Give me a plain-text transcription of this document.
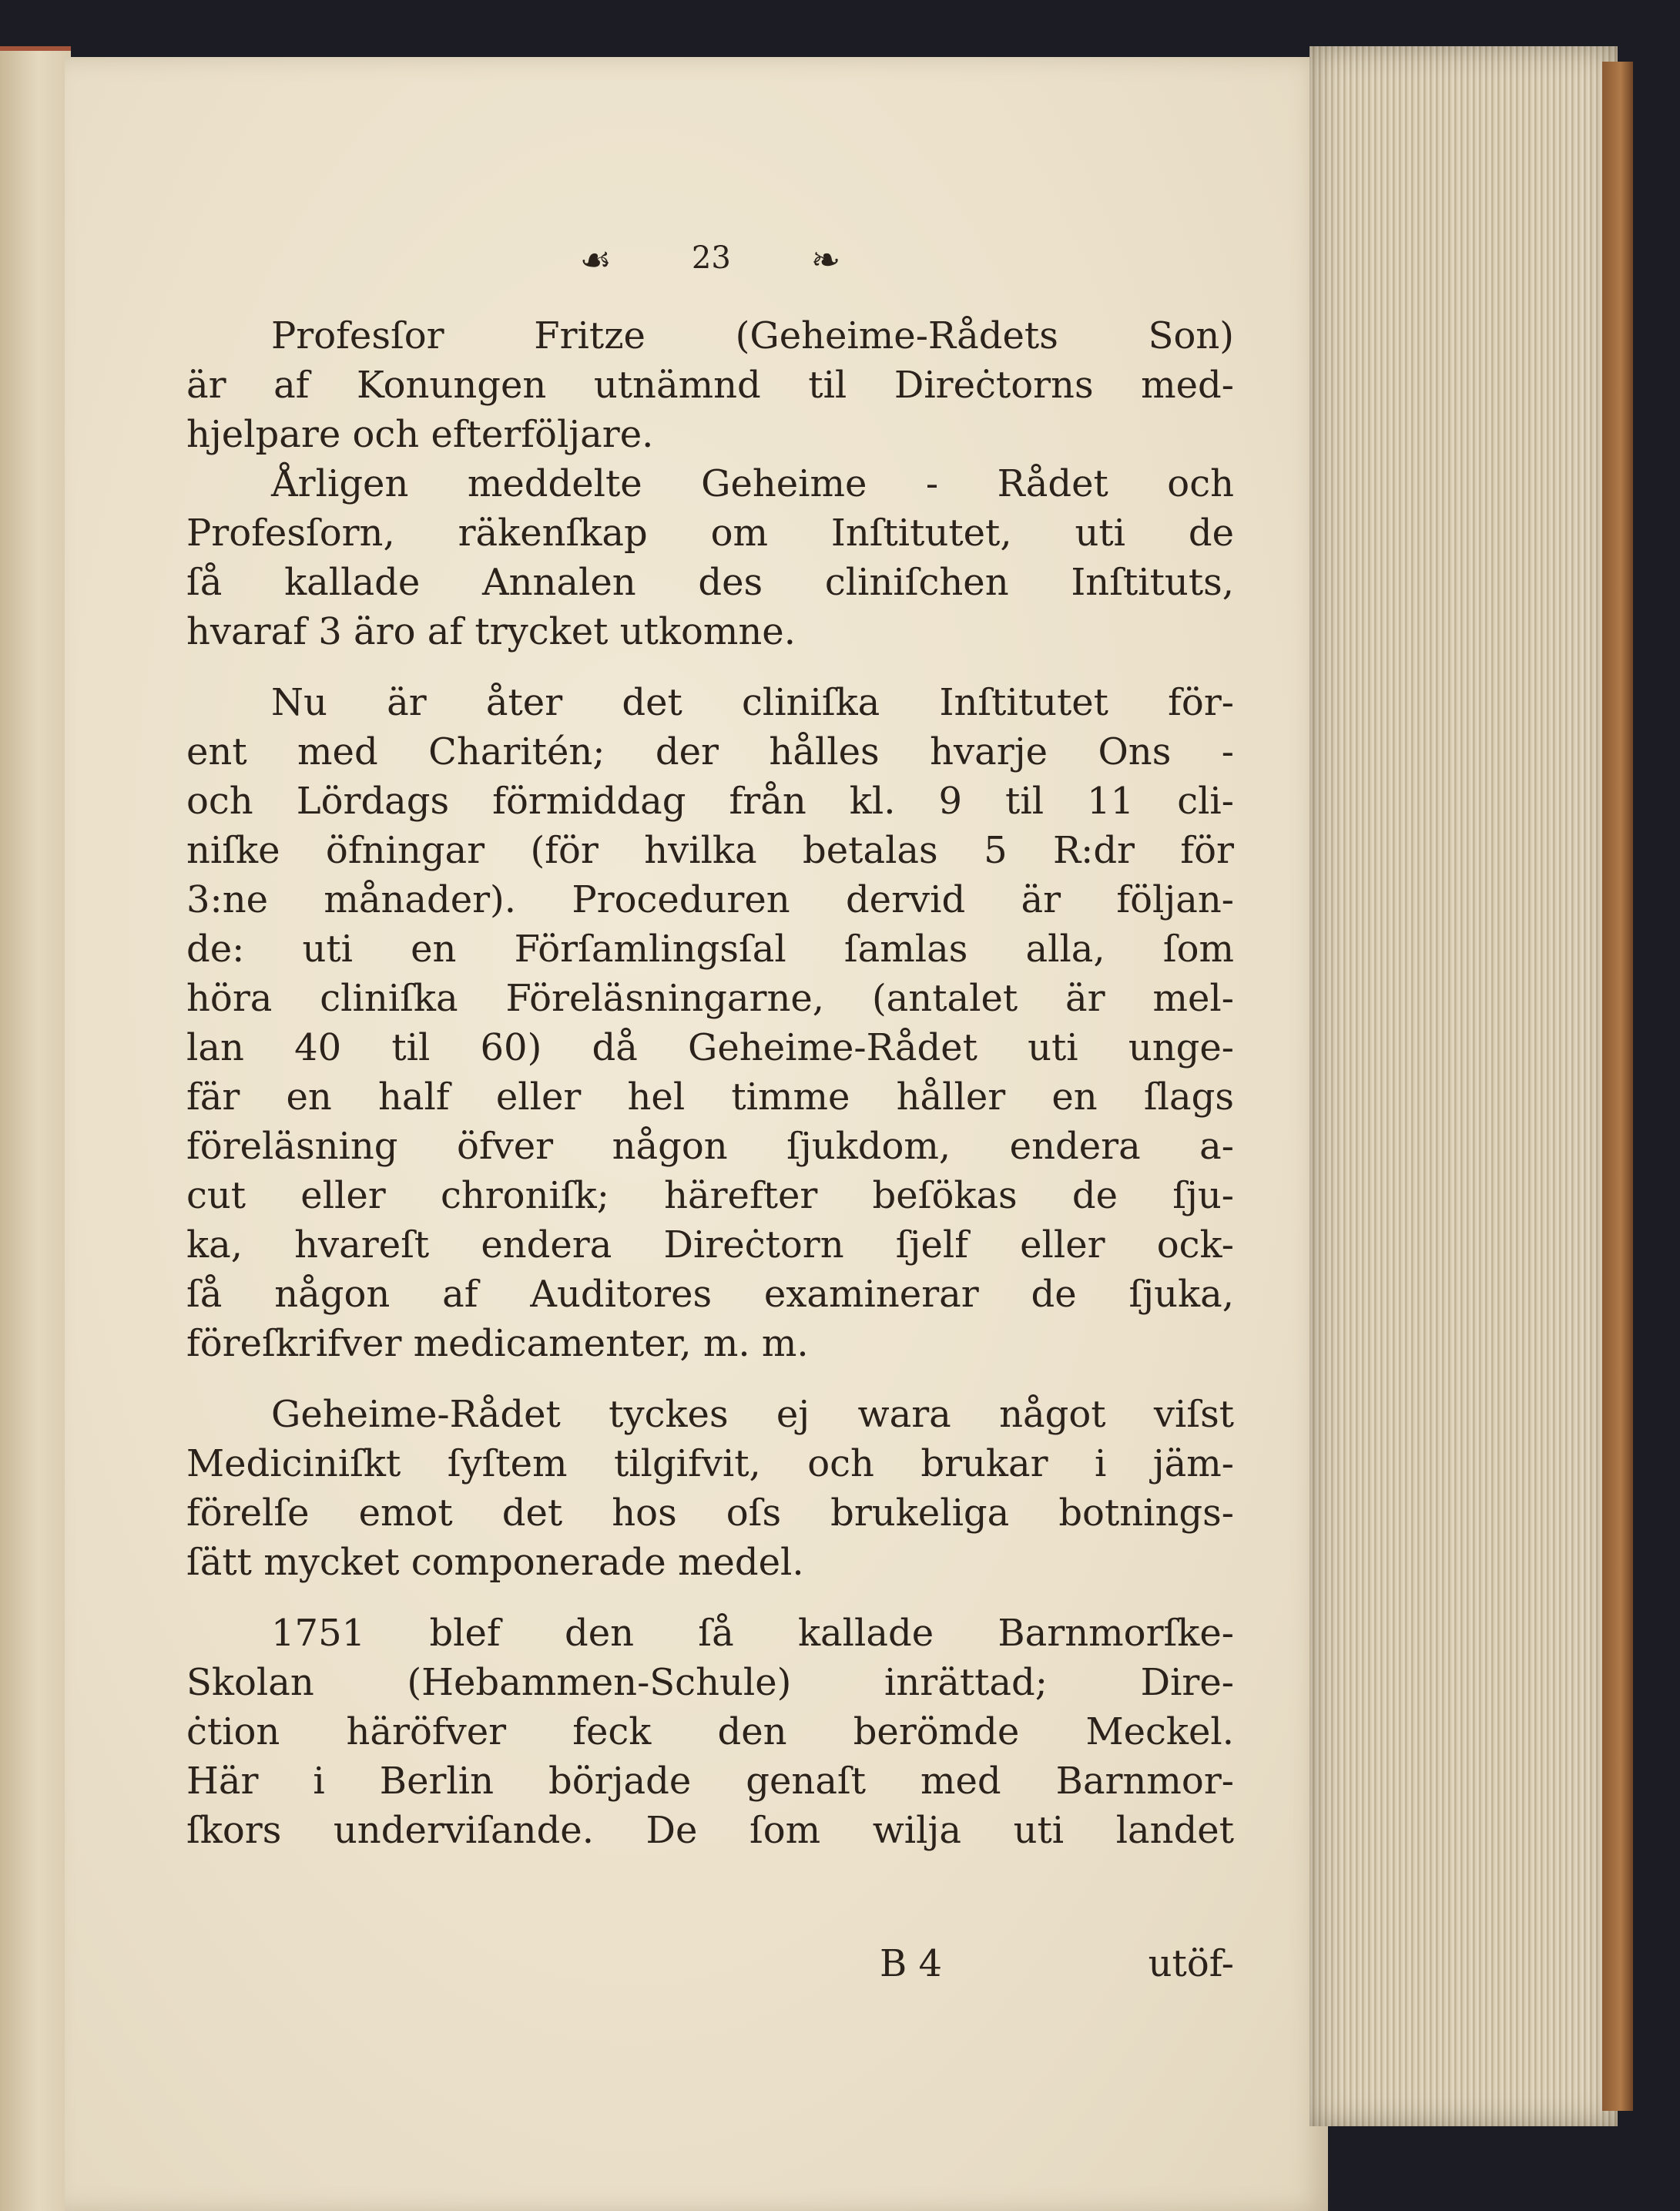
☙	23 ❧
Profesſor Fritze (Geheime-Rådets Son)
är af Konungen utnämnd til Direċtorns med-
hjelpare och efterföljare.
Årligen meddelte Geheime - Rådet och
Profesſorn, räkenſkap om Inſtitutet, uti de
ſå kallade Annalen des cliniſchen Inſtituts,
hvaraf 3 äro af trycket utkomne.
Nu är åter det cliniſka Inſtitutet för-
ent med Charitén; der hålles hvarje Ons -
och Lördags förmiddag från kl. 9 til 11 cli-
niſke öfningar (för hvilka betalas 5 R:dr för
3:ne månader). Proceduren dervid är följan-
de: uti en Förſamlingsſal ſamlas alla, ſom
höra cliniſka Föreläsningarne, (antalet är mel-
lan 40 til 60) då Geheime-Rådet uti unge-
fär en half eller hel timme håller en ſlags
föreläsning öfver någon ſjukdom, endera a-
cut eller chroniſk; härefter beſökas de ſju-
ka, hvareſt endera Direċtorn ſjelf eller ock-
ſå någon af Auditores examinerar de ſjuka,
föreſkrifver medicamenter, m. m.
Geheime-Rådet tyckes ej wara något viſst
Mediciniſkt ſyſtem tilgifvit, och brukar i jäm-
förelſe emot det hos oſs brukeliga botnings-
ſätt mycket componerade medel.
1751 blef den ſå kallade Barnmorſke-
Skolan (Hebammen-Schule) inrättad; Dire-
ċtion häröfver feck den berömde Meckel.
Här i Berlin började genaſt med Barnmor-
ſkors underviſande. De ſom wilja uti landet
B 4	utöf-
